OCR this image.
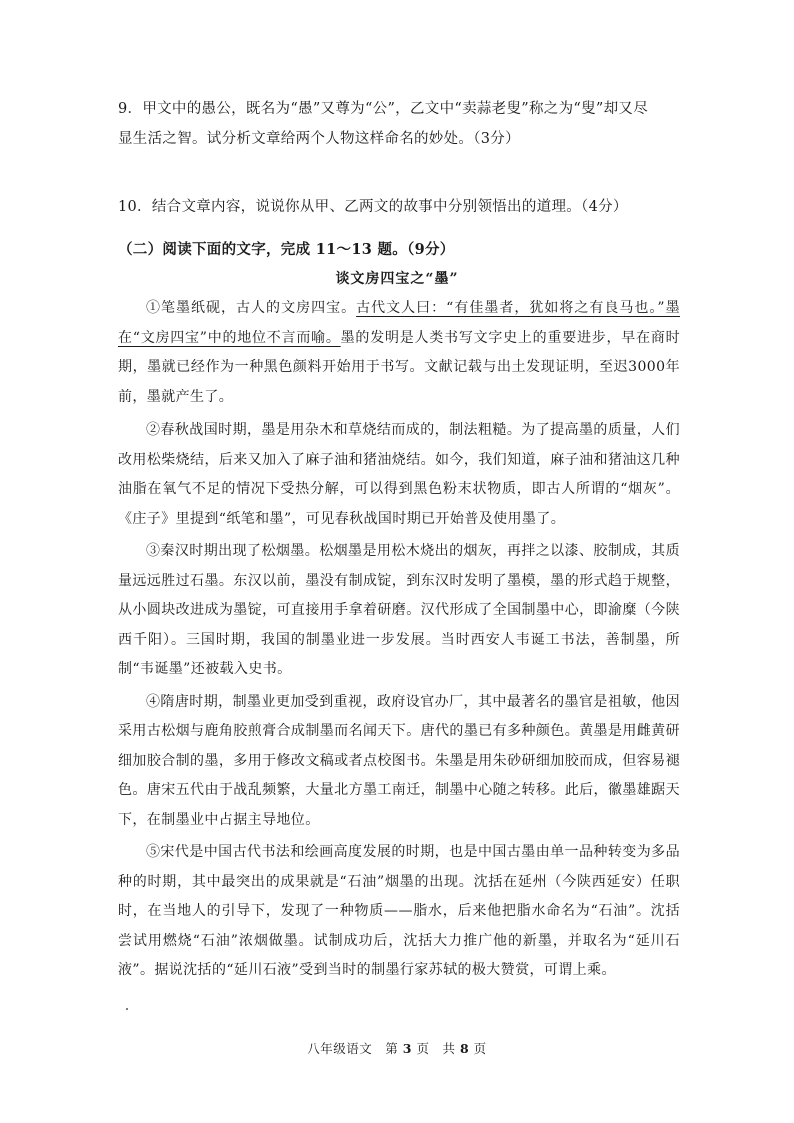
9．甲文中的愚公，既名为“愚”又尊为“公”，乙文中“卖蒜老叟”称之为“叟”却又尽
显生活之智。试分析文章给两个人物这样命名的妙处。（3分）
10．结合文章内容，说说你从甲、乙两文的故事中分别领悟出的道理。（4分）
（二）阅读下面的文字，完成 11～13 题。（9分）
谈文房四宝之“墨”

①笔墨纸砚，古人的文房四宝。古代文人曰：“有佳墨者，犹如将之有良马也。”墨在“文房四宝”中的地位不言而喻。墨的发明是人类书写文字史上的重要进步，早在商时期，墨就已经作为一种黑色颜料开始用于书写。文献记载与出土发现证明，至迟3000年前，墨就产生了。

②春秋战国时期，墨是用杂木和草烧结而成的，制法粗糙。为了提高墨的质量，人们改用松柴烧结，后来又加入了麻子油和猪油烧结。如今，我们知道，麻子油和猪油这几种油脂在氧气不足的情况下受热分解，可以得到黑色粉末状物质，即古人所谓的“烟灰”。《庄子》里提到“纸笔和墨”，可见春秋战国时期已开始普及使用墨了。

③秦汉时期出现了松烟墨。松烟墨是用松木烧出的烟灰，再拌之以漆、胶制成，其质量远远胜过石墨。东汉以前，墨没有制成锭，到东汉时发明了墨模，墨的形式趋于规整，从小圆块改进成为墨锭，可直接用手拿着研磨。汉代形成了全国制墨中心，即渝糜（今陕西千阳）。三国时期，我国的制墨业进一步发展。当时西安人韦诞工书法，善制墨，所制“韦诞墨”还被载入史书。

④隋唐时期，制墨业更加受到重视，政府设官办厂，其中最著名的墨官是祖敏，他因采用古松烟与鹿角胶煎膏合成制墨而名闻天下。唐代的墨已有多种颜色。黄墨是用雌黄研细加胶合制的墨，多用于修改文稿或者点校图书。朱墨是用朱砂研细加胶而成，但容易褪色。唐宋五代由于战乱频繁，大量北方墨工南迁，制墨中心随之转移。此后，徽墨雄踞天下，在制墨业中占据主导地位。

⑤宋代是中国古代书法和绘画高度发展的时期，也是中国古墨由单一品种转变为多品种的时期，其中最突出的成果就是“石油”烟墨的出现。沈括在延州（今陕西延安）任职时，在当地人的引导下，发现了一种物质——脂水，后来他把脂水命名为“石油”。沈括尝试用燃烧“石油”浓烟做墨。试制成功后，沈括大力推广他的新墨，并取名为“延川石液”。据说沈括的“延川石液”受到当时的制墨行家苏轼的极大赞赏，可谓上乘。

八年级语文　第 3 页　共 8 页
